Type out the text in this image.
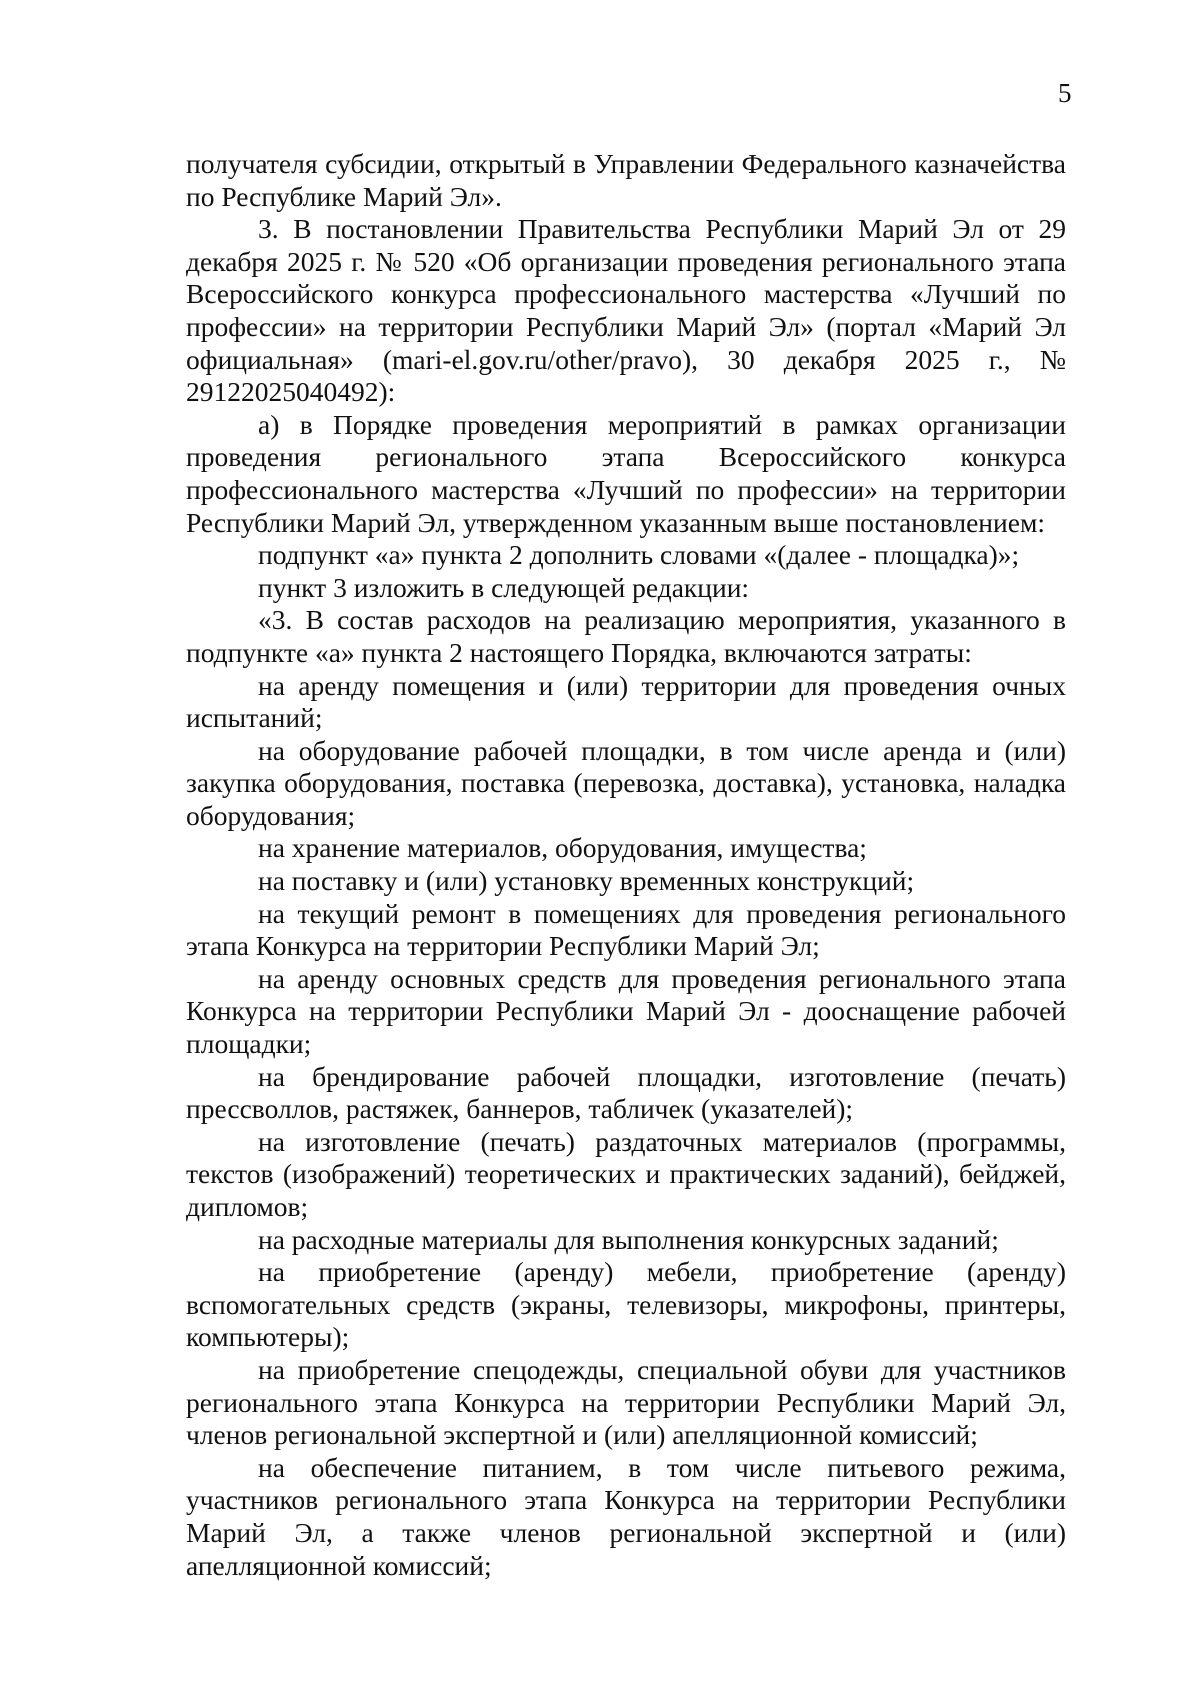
5

получателя субсидии, открытый в Управлении Федерального казначейства по Республике Марий Эл».

3. В постановлении Правительства Республики Марий Эл от 29 декабря 2025 г. № 520 «Об организации проведения регионального этапа Всероссийского конкурса профессионального мастерства «Лучший по профессии» на территории Республики Марий Эл» (портал «Марий Эл официальная» (mari-el.gov.ru/other/pravo), 30 декабря 2025 г., № 29122025040492):

а) в Порядке проведения мероприятий в рамках организации проведения регионального этапа Всероссийского конкурса профессионального мастерства «Лучший по профессии» на территории Республики Марий Эл, утвержденном указанным выше постановлением:

подпункт «а» пункта 2 дополнить словами «(далее - площадка)»;

пункт 3 изложить в следующей редакции:

«3. В состав расходов на реализацию мероприятия, указанного в подпункте «а» пункта 2 настоящего Порядка, включаются затраты:

на аренду помещения и (или) территории для проведения очных испытаний;

на оборудование рабочей площадки, в том числе аренда и (или) закупка оборудования, поставка (перевозка, доставка), установка, наладка оборудования;

на хранение материалов, оборудования, имущества;

на поставку и (или) установку временных конструкций;

на текущий ремонт в помещениях для проведения регионального этапа Конкурса на территории Республики Марий Эл;

на аренду основных средств для проведения регионального этапа Конкурса на территории Республики Марий Эл - дооснащение рабочей площадки;

на брендирование рабочей площадки, изготовление (печать) прессволлов, растяжек, баннеров, табличек (указателей);

на изготовление (печать) раздаточных материалов (программы, текстов (изображений) теоретических и практических заданий), бейджей, дипломов;

на расходные материалы для выполнения конкурсных заданий;

на приобретение (аренду) мебели, приобретение (аренду) вспомогательных средств (экраны, телевизоры, микрофоны, принтеры, компьютеры);

на приобретение спецодежды, специальной обуви для участников регионального этапа Конкурса на территории Республики Марий Эл, членов региональной экспертной и (или) апелляционной комиссий;

на обеспечение питанием, в том числе питьевого режима, участников регионального этапа Конкурса на территории Республики Марий Эл, а также членов региональной экспертной и (или) апелляционной комиссий;
